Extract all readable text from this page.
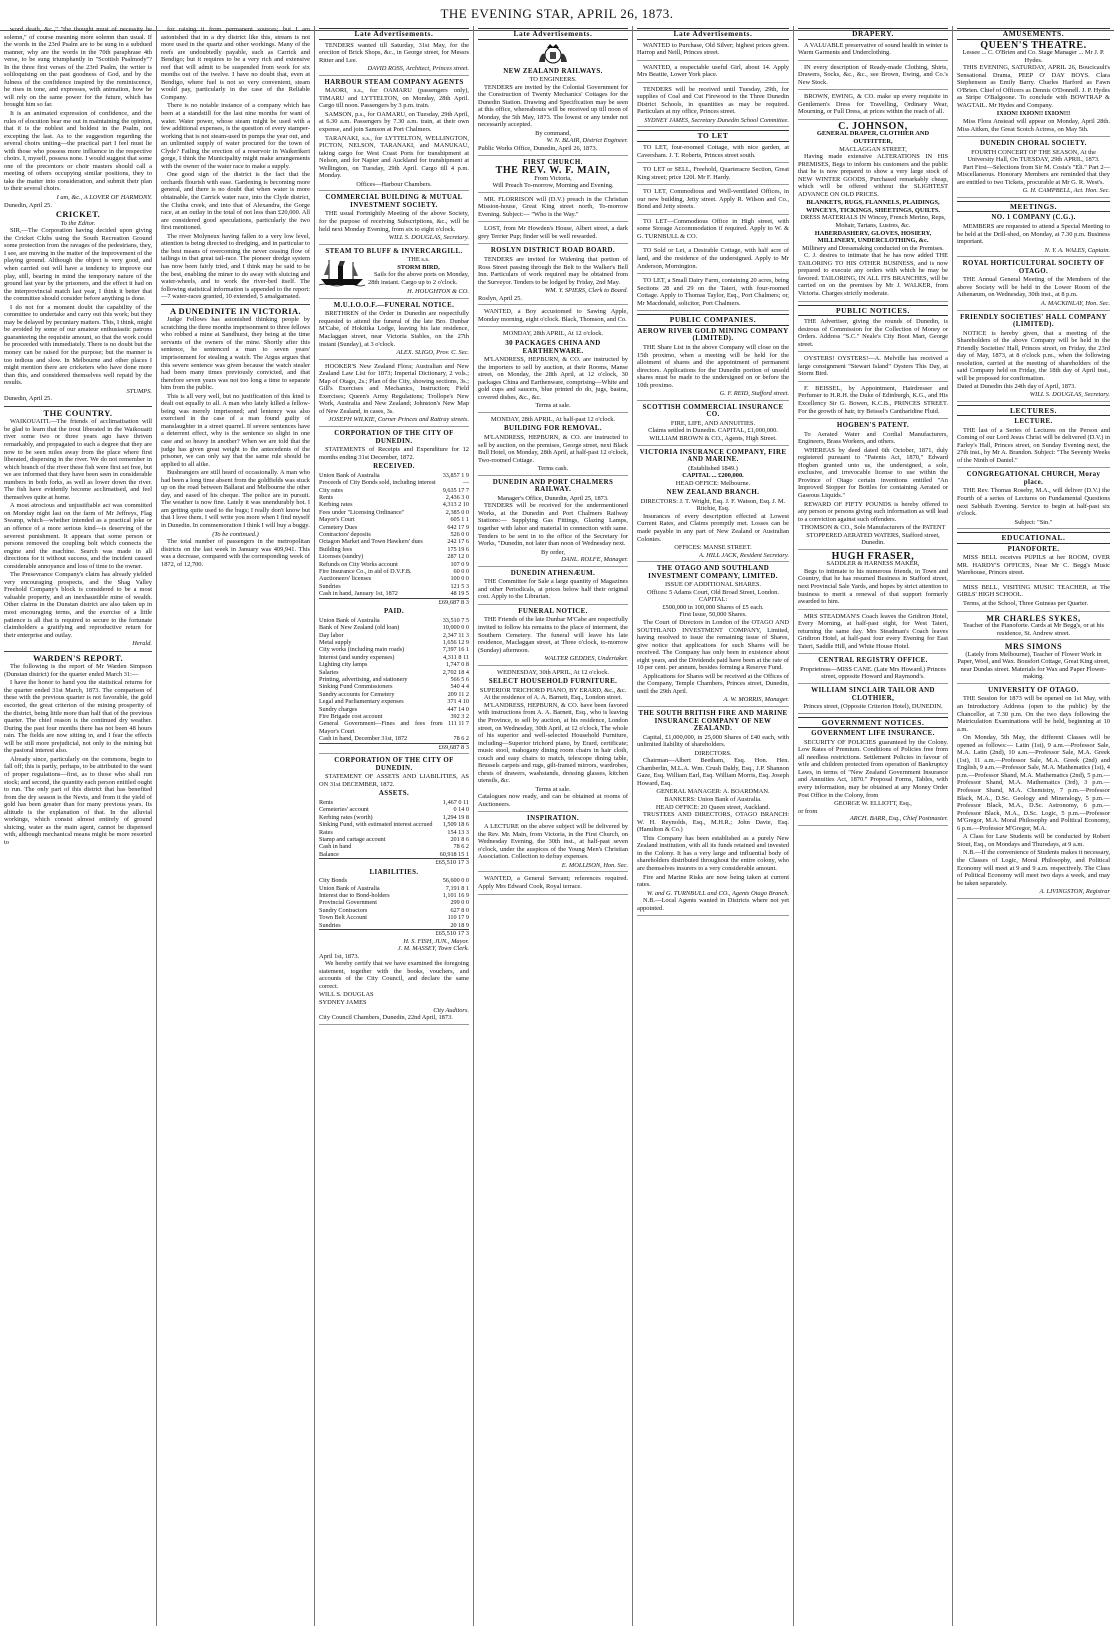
THE EVENING STAR, APRIL 26, 1873.

word death, &c.," "the thought must of necessity be solemn," of course meaning more solemn than usual. If the words in the 23rd Psalm are to be sung in a subdued manner, why are the words in the 70th paraphrase 4th verse, to be sung triumphantly in "Scottish Psalmody"? In the three first verses of the 23rd Psalm, the writer is soliloquising on the past goodness of God, and by the fulness of the confidence inspired by the reminiscence, he rises in tone, and expresses, with animation, how he will rely on the same power for the future, which has brought him so far.

It is an animated expression of confidence, and the rules of elocution bear me out in maintaining the opinion, that it is the noblest and boldest in the Psalm, not excepting the last. As to the suggestion regarding the several choirs uniting—the practical part I feel must lie with those who possess more influence in the respective choirs. I, myself, possess none. I would suggest that some one of the precentors or choir masters should call a meeting of others occupying similar positions, they to take the matter into consideration, and submit their plan to their several choirs.

I am, &c., A LOVER OF HARMONY.
Dunedin, April 25.
CRICKET.
To the Editor.

SIR,—The Corporation having decided upon giving the Cricket Clubs using the South Recreation Ground some protection from the ravages of the pedestrians, they, I see, are moving in the matter of the improvement of the playing ground. Although the object is very good, and when carried out will have a tendency to improve our play, still, bearing in mind the temporary nature of the ground last year by the prisoners, and the effect it had on the interprovincial match last year, I think it better that the committee should consider before anything is done.

I do not for a moment doubt the capability of the committee to undertake and carry out this work; but they may be delayed by pecuniary matters. This, I think, might be avoided by some of our amateur enthusiastic patrons guaranteeing the requisite amount, so that the work could be proceeded with immediately. There is no doubt but the money can be raised for the purpose; but the manner is too tedious and slow. In Melbourne and other places I might mention there are cricketers who have done more than this, and considered themselves well repaid by the results.

STUMPS.
Dunedin, April 25.
THE COUNTRY.

WAIKOUAITI.—The friends of acclimatisation will be glad to learn that the trout liberated in the Waikouaiti river some two or three years ago have thriven remarkably, and propagated to such a degree that they are now to be seen miles away from the place where first liberated, dispersing in the river. We do not remember in which branch of the river these fish were first set free, but we are informed that they have been seen in considerable numbers in both forks, as well as lower down the river. The fish have evidently become acclimatised, and feel themselves quite at home.

A most atrocious and unjustifiable act was committed on Monday night last on the farm of Mr Jeffreys, Flag Swamp, which—whether intended as a practical joke or an offence of a more serious kind—is deserving of the severest punishment. It appears that some person or persons removed the coupling bolt which connects the engine and the machine. Search was made in all directions for it without success, and the incident caused considerable annoyance and loss of time to the owner.

The Presevrance Company's claim has already yielded very encouraging prospects, and the Shag Valley Freehold Company's block is considered to be a most valuable property, and an inexhaustible mine of wealth. Other claims in the Dunstan district are also taken up in most encouraging terms, and the exercise of a little patience is all that is required to secure to the fortunate claimholders a gratifying and reproductive return for their enterprise and outlay.

Herald.
WARDEN'S REPORT.

The following is the report of Mr Warden Simpson (Dunstan district) for the quarter ended March 31:—

I have the honor to hand you the statistical returns for the quarter ended 31st March, 1873. The comparison of these with the previous quarter is not favorable, the gold escorted, the great criterion of the mining prosperity of the district, being little more than half that of the previous quarter. The chief reason is the continued dry weather. During the past four months there has not been 48 hours rain. The fields are now sitting in, and I fear the effects will be still more prejudicial, not only to the mining but the pastoral interest also.

Already since, particularly on the commons, begin to fall off; this is partly, perhaps, to be attributed to the want of proper regulations—first, as to those who shall run stock; and second, the quantity each person entitled ought to run. The only part of this district that has benefited from the dry season is the Nevis, and from it the yield of gold has been greater than for many previous years. Its altitude is the explanation of that. In the alluvial workings, which consist almost entirely of ground sluicing, water as the main agent, cannot be dispensed with, although mechanical means might be more resorted to

for raising it from permanent sources; but I am astonished that in a dry district like this, stream is not more used in the quartz and other workings. Many of the reefs are undoubtedly payable, such as Carrick and Bendigo; but it requires to be a very rich and extensive reef that will admit to be suspended from work for six months out of the twelve. I have no doubt that, even at Bendigo, where fuel is not so very convenient, steam would pay, particularly in the case of the Reliable Company.

There is no notable instance of a company which has been at a standstill for the last nine months for want of water. Water power, whose steam might be used with a few additional expenses, is the question of every stamper-working that is not steam-used in pumps the year out, and an unlimited supply of water procured for the town of Clyde? Failing the erection of a reservoir in Waikerikeri gorge, I think the Municipality might make arrangements with the owner of the water race to make a supply.

One good sign of the district is the fact that the orchards flourish with ease. Gardening is becoming more general, and there is no doubt that when water is more obtainable, the Carrick water race, into the Clyde district, the Clutha creek, and into that of Alexandra, the Gorge race, at an outlay in the total of not less than £20,000. All are considered good speculations, particularly the two first mentioned.

The river Molyneux having fallen to a very low level, attention is being directed to dredging, and in particular to the best means of overcoming the never ceasing flow of tailings in that great tail-race. The pioneer dredge system has now been fairly tried, and I think may be said to be the best, enabling the miner to do away with sluicing and water-wheels, and to work the river-bed itself. The following statistical information is appended to the report:—7 water-races granted, 10 extended, 5 amalgamated.

A DUNEDINITE IN VICTORIA.

Judge Fellows has astonished thinking people by scratching the three months imprisonment to three fellows who robbed a mine at Sandhurst, they being at the time servants of the owners of the mine. Shortly after this sentence, he sentenced a man to seven years' imprisonment for stealing a watch. The Argus argues that this severe sentence was given because the watch stealer had been many times previously convicted, and that therefore seven years was not too long a time to separate him from the public.

This is all very well, but no justification of this kind is dealt out equally to all. A man who lately killed a fellow-being was merely imprisoned; and leniency was also exercised in the case of a man found guilty of manslaughter in a street quarrel. If severe sentences have a deterrent effect, why is the sentence so slight in one case and so heavy in another? When we are told that the judge has given great weight to the antecedents of the prisoner, we can only say that the same rule should be applied to all alike.

Bushrangers are still heard of occasionally. A man who had been a long time absent from the goldfields was stuck up on the road between Ballarat and Melbourne the other day, and eased of his cheque. The police are in pursuit. The weather is now fine. Lately it was unendurably hot. I am getting quite used to the bugs; I really don't know but that I love them. I will write you more when I find myself in Dunedin. In commemoration I think I will buy a buggy.

(To be continued.)

The total number of passengers in the metropolitan districts on the last week in January was 409,941. This was a decrease, compared with the corresponding week of 1872, of 12,700.

Late Advertisements.

TENDERS wanted till Saturday, 31st May, for the erection of Brick Shops, &c., in George street, for Messrs Ritter and Lee.

DAVID ROSS, Architect, Princes street.
HARBOUR STEAM COMPANY AGENTS

MAORI, s.s., for OAMARU (passengers only), TIMARU and LYTTELTON, on Monday, 28th April. Cargo till noon. Passengers by 3 p.m. train.

SAMSON, p.s., for OAMARU, on Tuesday, 29th April, at 6.30 a.m. Passengers by 7.30 a.m. train, at their own expense, and join Samson at Port Chalmers.

TARANAKI, s.s., for LYTTELTON, WELLINGTON, PICTON, NELSON, TARANAKI, and MANUKAU, taking cargo for West Coast Ports for transhipment at Nelson, and for Napier and Auckland for transhipment at Wellington, on Tuesday, 29th April. Cargo till 4 p.m. Monday.

Offices—Harbour Chambers.
COMMERCIAL BUILDING & MUTUAL INVESTMENT SOCIETY.

THE usual Fortnightly Meeting of the above Society, for the purpose of receiving Subscriptions, &c., will be held next Monday Evening, from six to eight o'clock.

WILL S. DOUGLAS, Secretary.
STEAM TO BLUFF & INVERCARGILL.
THE s.s.
STORM BIRD,

Sails for the above ports on Monday, 28th instant. Cargo up to 2 o'clock.

H. HOUGHTON & CO.
M.U.I.O.O.F.—FUNERAL NOTICE.

BRETHREN of the Order in Dunedin are respectfully requested to attend the funeral of the late Bro. Dunbar M'Cabe, of Hokitika Lodge, leaving his late residence, Maclaggan street, near Victoria Stables, on the 27th instant (Sunday), at 3 o'clock.

ALEX. SLIGO, Prov. C. Sec.

HOOKER'S New Zealand Flora; Australian and New Zealand Law List for 1873; Imperial Dictionary, 2 vols.; Map of Otago, 2s.; Plan of the City, showing sections, 3s.; Gill's Exercises and Mechanics, Instruction; Field Exercises; Queen's Army Regulations; Trollope's New Work, Australia and New Zealand; Johnston's New Map of New Zealand, in cases, 3s.

JOSEPH WILKIE, Corner Princes and Rattray streets.
CORPORATION OF THE CITY OF DUNEDIN.

STATEMENTS of Receipts and Expenditure for 12 months ending 31st December, 1872.

RECEIVED.
Union Bank of Australia	33,857 1 9
Proceeds of City Bonds sold, including interest	—
City rates	9,635 17 7
Rents	2,436 3 0
Kerbing rates	4,313 2 10
Fees under "Licensing Ordinance"	2,385 0 0
Mayor's Court	605 1 1
Cemetery Dues	642 17 9
Contractors' deposits	526 0 0
Octagon Market and Town Hawkers' dues	242 17 6
Building fees	175 19 6
Licenses (sundry)	287 12 0
Refunds on City Works account	107 0 9
Fire Insurance Co., in aid of D.V.F.B.	60 0 0
Auctioneers' licenses	100 0 0
Sundries	121 5 3
Cash in hand, January 1st, 1872	48 19 5
£69,687 8 3
PAID.
Union Bank of Australia	33,510 7 5
Bank of New Zealand (old loan)	10,000 0 0
Day labor	2,347 11 3
Metal supply	1,656 12 9
City works (including main roads)	7,397 16 1
Interest (and sundry expenses)	4,311 8 11
Lighting city lamps	1,747 0 8
Salaries	2,702 18 4
Printing, advertising, and stationery	566 5 6
Sinking Fund Commissioners	540 4 4
Sundry accounts for Cemetery	209 11 2
Legal and Parliamentary expenses	371 4 10
Sundry charges	447 14 0
Fire Brigade cost account	392 3 2
General Government—Fines and fees from Mayor's Court	111 11 7
Cash in hand, December 31st, 1872	78 6 2
£69,687 8 3
CORPORATION OF THE CITY OF DUNEDIN.

STATEMENT OF ASSETS AND LIABILITIES, AS ON 31st DECEMBER, 1872.

ASSETS.
Rents	1,467 0 11
Cemeteries' account	0 14 0
Kerbing rates (worth)	1,294 19 8
Sinking Fund, with estimated interest accrued	1,509 18 6
Rates	154 13 3
Stamp and cartage account	201 8 6
Cash in hand	78 6 2
Balance	60,918 15 1
£65,510 17 3
LIABILITIES.
City Bonds	56,600 0 0
Union Bank of Australia	7,191 8 1
Interest due to Bond-holders	1,101 16 9
Provincial Government	299 0 0
Sundry Contractors	627 8 0
Town Belt Account	110 17 9
Sundries	20 18 9
£65,510 17 3
H. S. FISH, JUN., Mayor.
J. M. MASSEY, Town Clerk.
April 1st, 1873.

We hereby certify that we have examined the foregoing statement, together with the books, vouchers, and accounts of the City Council, and declare the same correct.

WILL S. DOUGLAS
SYDNEY JAMES
City Auditors.
City Council Chambers, Dunedin, 22nd April, 1873.
Late Advertisements.
NEW ZEALAND RAILWAYS.
TO ENGINEERS.

TENDERS are invited by the Colonial Government for the Construction of Twenty Mechanics' Cottages for the Dunedin Station. Drawing and Specification may be seen at this office, whereabouts will be received up till noon of Monday, the 5th May, 1873. The lowest or any tender not necessarily accepted.

By command,
W. N. BLAIR, District Engineer.
Public Works Office, Dunedin, April 26, 1873.
FIRST CHURCH.
THE REV. W. F. MAIN,
From Victoria,
Will Preach To-morrow, Morning and Evening.

MR. FLORRISON will (D.V.) preach in the Christian Mission-house, Great King street north, To-morrow Evening. Subject:— "Who is the Way."

LOST, from Mr Howden's House, Albert street, a dark grey Terrier Pup; finder will be well rewarded.

ROSLYN DISTRICT ROAD BOARD.

TENDERS are invited for Widening that portion of Ross Street passing through the Belt to the Walker's Bell Inn. Particulars of work required may be obtained from the Surveyor. Tenders to be lodged by Friday, 2nd May.

WM. Y. SPIERS, Clerk to Board.
Roslyn, April 25.

WANTED, a Boy accustomed to Sawing Apple, Monday morning, eight o'clock. Black, Thomson, and Co.

MONDAY, 28th APRIL, At 12 o'clock.
30 PACKAGES CHINA AND EARTHENWARE.

M'LANDRESS, HEPBURN, & CO. are instructed by the importers to sell by auction, at their Rooms, Manse street, on Monday, the 28th April, at 12 o'clock, 30 packages China and Earthenware, comprising—White and gold cups and saucers, blue printed do do, jugs, basins, covered dishes, &c., &c.

Terms at sale.
MONDAY, 28th APRIL, At half-past 12 o'clock.
BUILDING FOR REMOVAL.

M'LANDRESS, HEPBURN, & CO. are instructed to sell by auction, on the premises, George street, next Black Bull Hotel, on Monday, 28th April, at half-past 12 o'clock, Two-roomed Cottage.

Terms cash.
DUNEDIN AND PORT CHALMERS RAILWAY.
Manager's Office, Dunedin, April 25, 1873.

TENDERS will be received for the undermentioned Works, at the Dunedin and Port Chalmers Railway Stations:— Supplying Gas Fittings, Glazing Lamps, together with labor and material in connection with same. Tenders to be sent in to the office of the Secretary for Works, "Dunedin, not later than noon of Wednesday next.

By order,
DANL. ROLFE, Manager.
DUNEDIN ATHENÆUM.

THE Committee for Sale a large quantity of Magazines and other Periodicals, at prices below half their original cost. Apply to the Librarian.

FUNERAL NOTICE.

THE Friends of the late Dunbar M'Cabe are respectfully invited to follow his remains to the place of interment, the Southern Cemetery. The funeral will leave his late residence, Maclaggan street, at Three o'clock, to-morrow (Sunday) afternoon.

WALTER GEDDES, Undertaker.
WEDNESDAY, 30th APRIL, At 12 o'clock.
SELECT HOUSEHOLD FURNITURE.
SUPERIOR TRICHORD PIANO, BY ERARD, &c., &c.
At the residence of A. A. Barnett, Esq., London street.

M'LANDRESS, HEPBURN, & CO. have been favored with instructions from A. A. Barnett, Esq., who is leaving the Province, to sell by auction, at his residence, London street, on Wednesday, 30th April, at 12 o'clock, The whole of his superior and well-selected Household Furniture, including—Superior trichord piano, by Erard, certificate; music stool, mahogany dining room chairs in hair cloth, couch and easy chairs to match, telescope dining table, Brussels carpets and rugs, gilt-framed mirrors, wardrobes, chests of drawers, washstands, dressing glasses, kitchen utensils, &c.

Terms at sale.
Catalogues now ready, and can be obtained at rooms of Auctioneers.
INSPIRATION.

A LECTURE on the above subject will be delivered by the Rev. Mr. Main, from Victoria, in the First Church, on Wednesday Evening, the 30th inst., at half-past seven o'clock, under the auspices of the Young Men's Christian Association. Collection to defray expenses.

E. MOLLISON, Hon. Sec.

WANTED, a General Servant; references required. Apply Mrs Edward Cook, Royal terrace.

Late Advertisements.

WANTED to Purchase, Old Silver; highest prices given. Harrop and Neill, Princes street.

WANTED, a respectable useful Girl, about 14. Apply Mrs Beattie, Lower York place.

TENDERS will be received until Tuesday, 29th, for supplies of Coal and Cut Firewood to the Three Dunedin District Schools, in quantities as may be required. Particulars at my office, Princes street.

SYDNEY JAMES, Secretary Dunedin School Committee.
TO LET

TO LET, four-roomed Cottage, with nice garden, at Caversham. J. T. Roberts, Princes street south.

TO LET or SELL, Freehold, Quarteracre Section, Great King street; price 120l. Mr F. Hardy.

TO LET, Commodious and Well-ventilated Offices, in our new building, Jetty street. Apply R. Wilson and Co., Bond and Jetty streets.

TO LET—Commodious Office in High street, with some Storage Accommodation if required. Apply to W. & G. TURNBULL & CO.

TO Sold or Let, a Desirable Cottage, with half acre of land, and the residence of the undersigned. Apply to Mr Anderson, Mornington.

TO LET, a Small Dairy Farm, containing 20 acres, being Sections 28 and 29 on the Taieri, with four-roomed Cottage. Apply to Thomas Taylor, Esq., Port Chalmers; or, Mr Macdonald, solicitor, Port Chalmers.

PUBLIC COMPANIES.
AEROW RIVER GOLD MINING COMPANY (LIMITED).

THE Share List in the above Company will close on the 15th proximo, when a meeting will be held for the allotment of shares and the appointment of permanent directors. Applications for the Dunedin portion of unsold shares must be made to the undersigned on or before the 10th proximo.

G. F. REID, Stafford street.
SCOTTISH COMMERCIAL INSURANCE CO.
FIRE, LIFE, AND ANNUITIES.
Claims settled in Dunedin. CAPITAL, £1,000,000.
WILLIAM BROWN & CO., Agents, High Street.
VICTORIA INSURANCE COMPANY, FIRE AND MARINE.
(Established 1849.)
CAPITAL ... £200,000.
HEAD OFFICE: Melbourne.
NEW ZEALAND BRANCH.
DIRECTORS: J. T. Wright, Esq. J. F. Watson, Esq. J. M. Ritchie, Esq.

Insurances of every description effected at Lowest Current Rates, and Claims promptly met. Losses can be made payable in any part of New Zealand or Australian Colonies.

OFFICES: MANSE STREET.
A. HILL JACK, Resident Secretary.
THE OTAGO AND SOUTHLAND INVESTMENT COMPANY, LIMITED.
ISSUE OF ADDITIONAL SHARES.
Offices: 5 Adams Court, Old Broad Street, London.
CAPITAL:
£500,000 in 100,000 Shares of £5 each.
First Issue, 50,000 Shares.

The Court of Directors in London of the OTAGO AND SOUTHLAND INVESTMENT COMPANY, Limited, having resolved to issue the remaining issue of Shares, give notice that applications for such Shares will be received. The Company has only been in existence about eight years, and the Dividends paid have been at the rate of 10 per cent. per annum, besides forming a Reserve Fund.

Applications for Shares will be received at the Offices of the Company, Temple Chambers, Princes street, Dunedin, until the 29th April.

A. W. MORRIS, Manager.
THE SOUTH BRITISH FIRE AND MARINE INSURANCE COMPANY OF NEW ZEALAND.

Capital, £1,000,000, in 25,000 Shares of £40 each, with unlimited liability of shareholders.

DIRECTORS.

Chairman—Albert Beetham, Esq. Hon. Hen. Chamberlin, M.L.A. Wm. Crush Daldy, Esq., J.P. Shannon Gaze, Esq. William Earl, Esq. William Morris, Esq. Joseph Howard, Esq.

GENERAL MANAGER: A. BOARDMAN.
BANKERS: Union Bank of Australia.
HEAD OFFICE: 20 Queen street, Auckland.

TRUSTEES AND DIRECTORS, OTAGO BRANCH: W. H. Reynolds, Esq., M.H.R.; John Davie, Esq. (Hamilton & Co.)

This Company has been established as a purely New Zealand institution, with all its funds retained and invested in the Colony. It has a very large and influential body of shareholders distributed throughout the entire colony, who are themselves insurers to a very considerable amount.

Fire and Marine Risks are now being taken at current rates.

W. and G. TURNBULL and CO., Agents Otago Branch.

N.B.—Local Agents wanted in Districts where not yet appointed.

DRAPERY.

A VALUABLE preservative of sound health in winter is Warm Garments and Underclothing.

IN every description of Ready-made Clothing, Shirts, Drawers, Socks, &c., &c., see Brown, Ewing, and Co.'s New Stock.

BROWN, EWING, & CO. make up every requisite in Gentlemen's Dress for Travelling, Ordinary Wear, Mourning, or Full Dress, at prices within the reach of all.

C. JOHNSON,
GENERAL DRAPER, CLOTHIER AND OUTFITTER,
MACLAGGAN STREET,

Having made extensive ALTERATIONS IN HIS PREMISES, Begs to inform his customers and the public that he is now prepared to show a very large stock of NEW WINTER GOODS, Purchased remarkably cheap, which will be offered without the SLIGHTEST ADVANCE ON OLD PRICES.

BLANKETS, RUGS, FLANNELS, PLAIDINGS, WINCEYS, TICKINGS, SHEETINGS, QUILTS.
DRESS MATERIALS IN Wincey, French Merino, Reps, Mohair, Tartans, Lustres, &c.
HABERDASHERY, GLOVES, HOSIERY, MILLINERY, UNDERCLOTHING, &c.
Millinery and Dressmaking conducted on the Premises.

C. J. desires to intimate that he has now added THE TAILORING TO HIS OTHER BUSINESS, and is now prepared to execute any orders with which he may be favored. TAILORING, IN ALL ITS BRANCHES, will be carried on on the premises by Mr J. WALKER, from Victoria. Charges strictly moderate.

PUBLIC NOTICES.

THE Advertiser, giving the rounds of Dunedin, is desirous of Commission for the Collection of Money or Orders. Address "S.C." Neale's City Boot Mart, George street.

OYSTERS! OYSTERS!—A. Melville has received a large consignment "Stewart Island" Oysters This Day, at Storm Bird.

F. BEISSEL, by Appointment, Hairdresser and Perfumer to H.R.H. the Duke of Edinburgh, K.G., and His Excellency Sir G. Bowen, K.C.B., PRINCES STREET. For the growth of hair, try Beissel's Cantharidine Fluid.

HOGBEN'S PATENT.

To Aerated Water and Cordial Manufacturers, Engineers, Brass Workers, and others.

WHEREAS by deed dated 6th October, 1871, duly registered pursuant to "Patents Act, 1870," Edward Hogben granted unto us, the undersigned, a sole, exclusive, and irrevocable license to use within the Province of Otago certain inventions entitled "An Improved Stopper for Bottles for containing Aerated or Gaseous Liquids."

REWARD OF FIFTY POUNDS is hereby offered to any person or persons giving such information as will lead to a conviction against such offenders.

THOMSON & CO., Sole Manufacturers of the PATENT STOPPERED AERATED WATERS, Stafford street, Dunedin.
HUGH FRASER,
SADDLER & HARNESS MAKER,

Begs to intimate to his numerous friends, in Town and Country, that he has resumed Business in Stafford street, next Provincial Sale Yards, and hopes by strict attention to business to merit a renewal of that support formerly awarded to him.

MRS STEADMAN'S Coach leaves the Gridiron Hotel, Every Morning, at half-past eight, for West Taieri, returning the same day. Mrs Steadman's Coach leaves Gridiron Hotel, at half-past four every Evening for East Taieri, Saddle Hill, and White House Hotel.

CENTRAL REGISTRY OFFICE.
Proprietress—MISS CANE. (Late Mrs Howard.) Princes street, opposite Howard and Raymond's.
WILLIAM SINCLAIR TAILOR AND CLOTHIER,
Princes street, (Opposite Criterion Hotel), DUNEDIN.
GOVERNMENT NOTICES.
GOVERNMENT LIFE INSURANCE.

SECURITY OF POLICIES guaranteed by the Colony. Low Rates of Premium. Conditions of Policies free from all needless restrictions. Settlement Policies in favour of wife and children protected from operation of Bankruptcy Laws, in terms of "New Zealand Government Insurance and Annuities Act, 1870." Proposal Forms, Tables, with every information, may be obtained at any Money Order Post Office in the Colony, from

GEORGE W. ELLIOTT, Esq.,
or from
ARCH. BARR, Esq., Chief Postmaster.
AMUSEMENTS.
QUEEN'S THEATRE.
Lessee ... C. O'Brien and Co. Stage Manager ... Mr J. P. Hydes.

THIS EVENING, SATURDAY, APRIL 26, Boucicault's Sensational Drama, PEEP O' DAY BOYS. Clara Stephenson as Emily Barry. Charles Harford as Fawn O'Brien. Chief of Officers as Dennis O'Donnell. J. P. Hydes as Stripe O'Balgoone. To conclude with BOWTRAP & WAGTAIL. Mr Hydes and Company.

IXION! IXION!! IXION!!!

Miss Flora Anstead will appear on Monday, April 28th. Miss Aitken, the Great Scotch Actress, on May 5th.

DUNEDIN CHORAL SOCIETY.
FOURTH CONCERT OF THE SEASON, At the University Hall, On TUESDAY, 29th APRIL, 1873.

Part First—Selections from Sir M. Costa's "Eli." Part 2—Miscellaneous. Honorary Members are reminded that they are entitled to two Tickets, procurable at Mr G. R. West's.

G. H. CAMPBELL, Act. Hon. Sec.
MEETINGS.
NO. 1 COMPANY (C.G.).

MEMBERS are requested to attend a Special Meeting to be held at the Drill-shed, on Monday, at 7.30 p.m. Business important.

N. Y. A. WALES, Captain.
ROYAL HORTICULTURAL SOCIETY OF OTAGO.

THE Annual General Meeting of the Members of the above Society will be held in the Lower Room of the Athenæum, on Wednesday, 30th inst., at 8 p.m.

A. MACKINLAY, Hon. Sec.
FRIENDLY SOCIETIES' HALL COMPANY (LIMITED).

NOTICE is hereby given, that a meeting of the Shareholders of the above Company will be held in the Friendly Societies' Hall, Princes street, on Friday, the 23rd day of May, 1873, at 8 o'clock p.m., when the following resolution, carried at the meeting of shareholders of the said Company held on Friday, the 18th day of April inst., will be proposed for confirmation.

Dated at Dunedin this 24th day of April, 1873.
WILL S. DOUGLAS, Secretary.
LECTURES.
LECTURE.

THE last of a Series of Lectures on the Person and Coming of our Lord Jesus Christ will be delivered (D.V.) in Farley's Hall, Princes street, on Sunday Evening next, the 27th inst., by Mr A. Brandon. Subject: "The Seventy Weeks of the Ninth of Daniel."

CONGREGATIONAL CHURCH, Moray place.

THE Rev. Thomas Roseby, M.A., will deliver (D.V.) the Fourth of a series of Lectures on Fundamental Questions next Sabbath Evening. Service to begin at half-past six o'clock.

Subject: "Sin."
EDUCATIONAL.
PIANOFORTE.

MISS BELL receives PUPILS at her ROOM, OVER MR. HARDY'S OFFICES, Near Mr C. Begg's Music Warehouse, Princes street.

MISS BELL, VISITING MUSIC TEACHER, at The GIRLS' HIGH SCHOOL.

Terms, at the School, Three Guineas per Quarter.

MR CHARLES SYKES,
Teacher of the Pianoforte. Cards at Mr Begg's, or at his residence, St. Andrew street.
MRS SIMONS
(Lately from Melbourne), Teacher of Flower Work in Paper, Wool, and Wax. Bousfort Cottage, Great King street, near Dundas street. Materials for Wax and Paper Flower-making.
UNIVERSITY OF OTAGO.

THE Session for 1873 will be opened on 1st May, with an Introductory Address (open to the public) by the Chancellor, at 7.30 p.m. On the two days following the Matriculation Examinations will be held, beginning at 10 a.m.

On Monday, 5th May, the different Classes will be opened as follows:— Latin (1st), 9 a.m.—Professor Sale, M.A. Latin (2nd), 10 a.m.—Professor Sale, M.A. Greek (1st), 11 a.m.—Professor Sale, M.A. Greek (2nd) and English, 9 a.m.—Professor Sale, M.A. Mathematics (1st), 4 p.m.—Professor Shand, M.A. Mathematics (2nd), 5 p.m.—Professor Shand, M.A. Mathematics (3rd), 3 p.m.—Professor Shand, M.A. Chemistry, 7 p.m.—Professor Black, M.A., D.Sc. Geology and Mineralogy, 5 p.m.—Professor Black, M.A., D.Sc. Astronomy, 6 p.m.—Professor Black, M.A., D.Sc. Logic, 5 p.m.—Professor M'Gregor, M.A. Moral Philosophy and Political Economy, 6 p.m.—Professor M'Gregor, M.A.

A Class for Law Students will be conducted by Robert Stout, Esq., on Mondays and Thursdays, at 9 a.m.

N.B.—If the convenience of Students makes it necessary, the Classes of Logic, Moral Philosophy, and Political Economy will meet at 9 and 9 a.m. respectively. The Class of Political Economy will meet two days a week, and may be taken separately.

A. LIVINGSTON, Registrar
